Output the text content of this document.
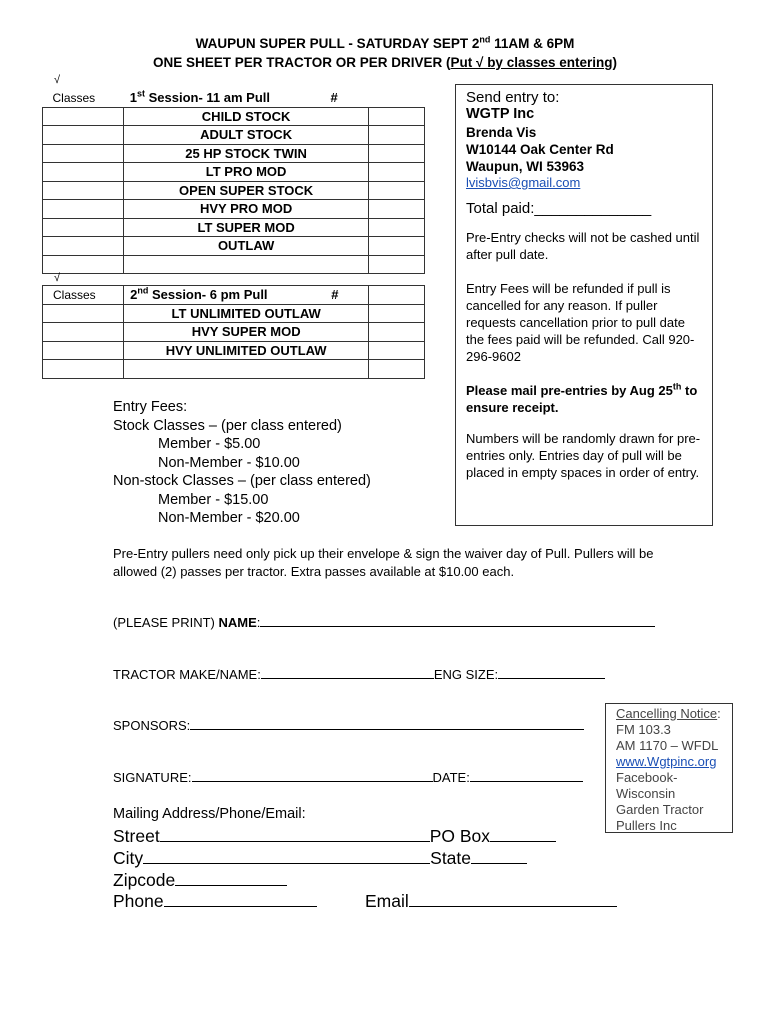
WAUPUN SUPER PULL - SATURDAY SEPT 2nd 11AM & 6PM
ONE SHEET PER TRACTOR OR PER DRIVER (Put √ by classes entering)
√
Classes	1st Session- 11 am Pull	#
	CHILD STOCK	
	ADULT STOCK	
	25 HP STOCK TWIN	
	LT PRO MOD	
	OPEN SUPER STOCK	
	HVY PRO MOD	
	LT SUPER MOD	
	OUTLAW	

√
Classes	2nd Session- 6 pm Pull	#
	LT UNLIMITED OUTLAW	
	HVY SUPER MOD	
	HVY UNLIMITED OUTLAW	

Entry Fees:
Stock Classes – (per class entered)
Member - $5.00
Non-Member - $10.00
Non-stock Classes – (per class entered)
Member - $15.00
Non-Member - $20.00
Send entry to:
WGTP Inc
Brenda Vis
W10144 Oak Center Rd
Waupun, WI 53963
lvisbvis@gmail.com
Total paid:______________

Pre-Entry checks will not be cashed until after pull date.

Entry Fees will be refunded if pull is cancelled for any reason. If puller requests cancellation prior to pull date the fees paid will be refunded. Call 920-296-9602

Please mail pre-entries by Aug 25th to ensure receipt.

Numbers will be randomly drawn for pre-entries only. Entries day of pull will be placed in empty spaces in order of entry.

Pre-Entry pullers need only pick up their envelope & sign the waiver day of Pull. Pullers will be allowed (2) passes per tractor. Extra passes available at $10.00 each.
(PLEASE PRINT) NAME:
TRACTOR MAKE/NAME:	ENG SIZE:
SPONSORS:
SIGNATURE:	DATE:
Mailing Address/Phone/Email:
Street	PO Box
City	State
Zipcode
Phone	Email
Cancelling Notice:
FM 103.3
AM 1170 – WFDL
www.Wgtpinc.org
Facebook-
Wisconsin
Garden Tractor
Pullers Inc
